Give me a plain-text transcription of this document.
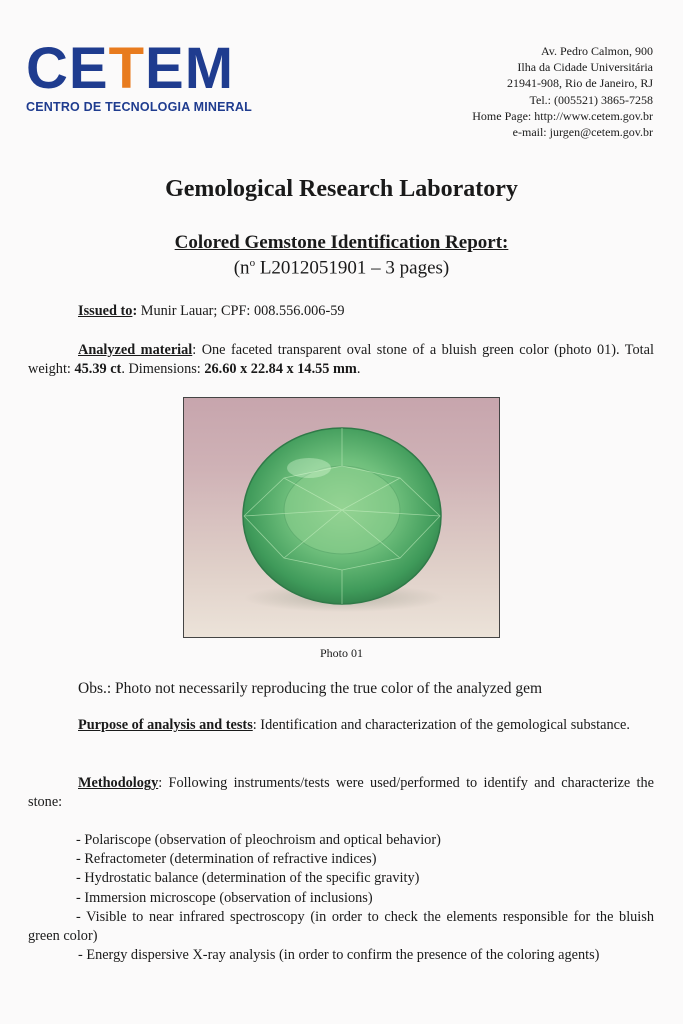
CETEM
CENTRO DE TECNOLOGIA MINERAL
Av. Pedro Calmon, 900
Ilha da Cidade Universitária
21941-908, Rio de Janeiro, RJ
Tel.: (005521) 3865-7258
Home Page: http://www.cetem.gov.br
e-mail: jurgen@cetem.gov.br
Gemological Research Laboratory
Colored Gemstone Identification Report:
($n^o$ L2012051901 – 3 pages)
Issued to: Munir Lauar; CPF: 008.556.006-59
Analyzed material: One faceted transparent oval stone of a bluish green color (photo 01). Total weight: 45.39 ct. Dimensions: 26.60 x 22.84 x 14.55 mm.
Photo 01
Obs.: Photo not necessarily reproducing the true color of the analyzed gem
Purpose of analysis and tests: Identification and characterization of the gemological substance.
Methodology: Following instruments/tests were used/performed to identify and characterize the stone:
- Polariscope (observation of pleochroism and optical behavior)
- Refractometer (determination of refractive indices)
- Hydrostatic balance (determination of the specific gravity)
- Immersion microscope (observation of inclusions)
- Visible to near infrared spectroscopy (in order to check the elements responsible for the bluish green color)
- Energy dispersive X-ray analysis (in order to confirm the presence of the coloring agents)
